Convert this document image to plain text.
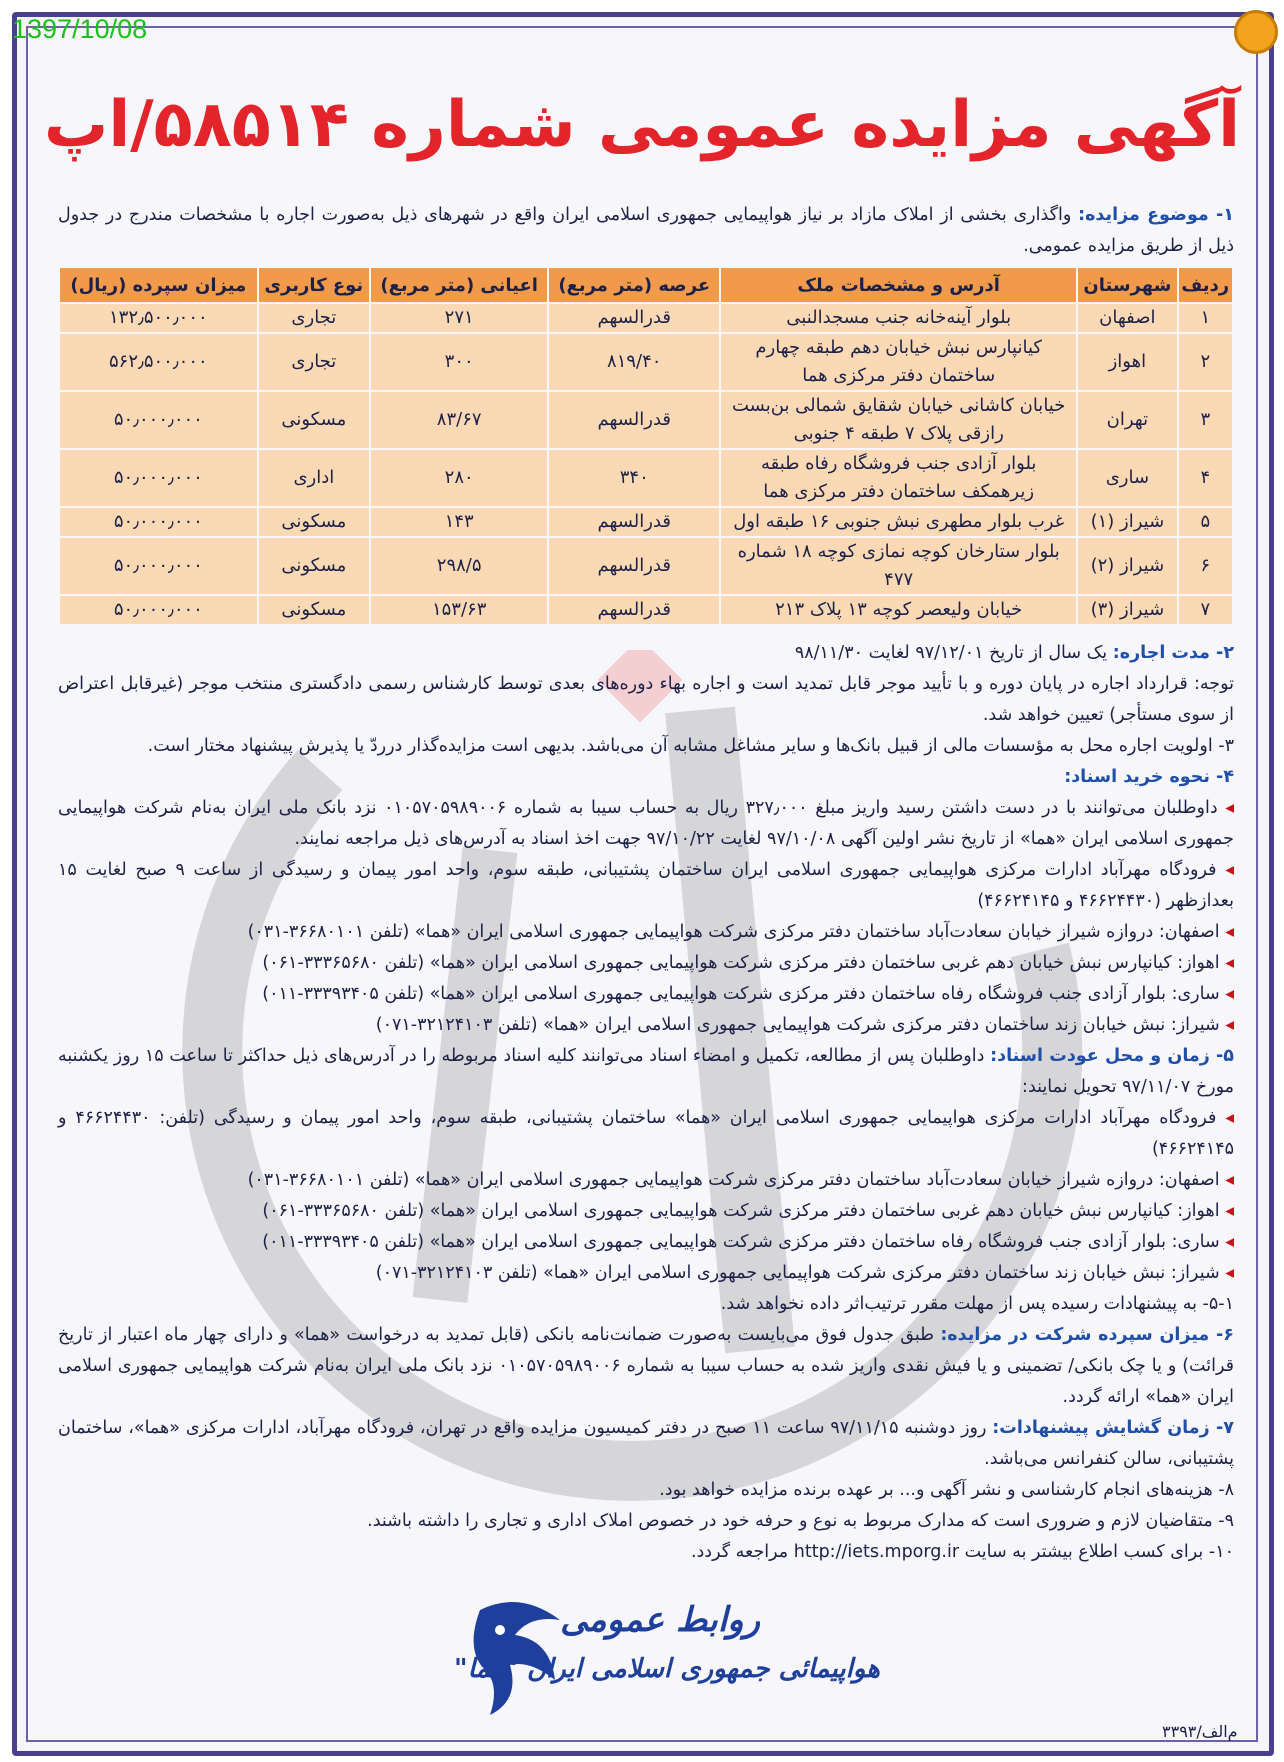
1397/10/08
آگهی مزایده عمومی شماره ۵۸۵۱۴/اپ

۱- موضوع مزایده: واگذاری بخشی از املاک مازاد بر نیاز هواپیمایی جمهوری اسلامی ایران واقع در شهرهای ذیل به‌صورت اجاره با مشخصات مندرج در جدول ذیل از طریق مزایده عمومی.

ردیف	شهرستان	آدرس و مشخصات ملک	عرصه (متر مربع)	اعیانی (متر مربع)	نوع کاربری	میزان سپرده (ریال)
۱	اصفهان	بلوار آینه‌خانه جنب مسجدالنبی	قدرالسهم	۲۷۱	تجاری	۱۳۲٫۵۰۰٫۰۰۰
۲	اهواز	کیانپارس نبش خیابان دهم طبقه چهارم ساختمان دفتر مرکزی هما	۸۱۹/۴۰	۳۰۰	تجاری	۵۶۲٫۵۰۰٫۰۰۰
۳	تهران	خیابان کاشانی خیابان شقایق شمالی بن‌بست رازقی پلاک ۷ طبقه ۴ جنوبی	قدرالسهم	۸۳/۶۷	مسکونی	۵۰٫۰۰۰٫۰۰۰
۴	ساری	بلوار آزادی جنب فروشگاه رفاه طبقه زیرهمکف ساختمان دفتر مرکزی هما	۳۴۰	۲۸۰	اداری	۵۰٫۰۰۰٫۰۰۰
۵	شیراز (۱)	غرب بلوار مطهری نبش جنوبی ۱۶ طبقه اول	قدرالسهم	۱۴۳	مسکونی	۵۰٫۰۰۰٫۰۰۰
۶	شیراز (۲)	بلوار ستارخان کوچه نمازی کوچه ۱۸ شماره ۴۷۷	قدرالسهم	۲۹۸/۵	مسکونی	۵۰٫۰۰۰٫۰۰۰
۷	شیراز (۳)	خیابان ولیعصر کوچه ۱۳ پلاک ۲۱۳	قدرالسهم	۱۵۳/۶۳	مسکونی	۵۰٫۰۰۰٫۰۰۰

۲- مدت اجاره: یک سال از تاریخ ۹۷/۱۲/۰۱ لغایت ۹۸/۱۱/۳۰

توجه: قرارداد اجاره در پایان دوره و با تأیید موجر قابل تمدید است و اجاره بهاء دوره‌های بعدی توسط کارشناس رسمی دادگستری منتخب موجر (غیرقابل اعتراض از سوی مستأجر) تعیین خواهد شد.

۳- اولویت اجاره محل به مؤسسات مالی از قبیل بانک‌ها و سایر مشاغل مشابه آن می‌باشد. بدیهی است مزایده‌گذار درردّ یا پذیرش پیشنهاد مختار است.

۴- نحوه خرید اسناد:

◂ داوطلبان می‌توانند با در دست داشتن رسید واریز مبلغ ۳۲۷٫۰۰۰ ریال به حساب سیبا به شماره ۰۱۰۵۷۰۵۹۸۹۰۰۶ نزد بانک ملی ایران به‌نام شرکت هواپیمایی جمهوری اسلامی ایران «هما» از تاریخ نشر اولین آگهی ۹۷/۱۰/۰۸ لغایت ۹۷/۱۰/۲۲ جهت اخذ اسناد به آدرس‌های ذیل مراجعه نمایند.

◂ فرودگاه مهرآباد ادارات مرکزی هواپیمایی جمهوری اسلامی ایران ساختمان پشتیبانی، طبقه سوم، واحد امور پیمان و رسیدگی از ساعت ۹ صبح لغایت ۱۵ بعدازظهر (۴۶۶۲۴۴۳۰ و ۴۶۶۲۴۱۴۵)

◂ اصفهان: دروازه شیراز خیابان سعادت‌آباد ساختمان دفتر مرکزی شرکت هواپیمایی جمهوری اسلامی ایران «هما» (تلفن ۳۶۶۸۰۱۰۱-۰۳۱)

◂ اهواز: کیانپارس نبش خیابان دهم غربی ساختمان دفتر مرکزی شرکت هواپیمایی جمهوری اسلامی ایران «هما» (تلفن ۳۳۳۶۵۶۸۰-۰۶۱)

◂ ساری: بلوار آزادی جنب فروشگاه رفاه ساختمان دفتر مرکزی شرکت هواپیمایی جمهوری اسلامی ایران «هما» (تلفن ۳۳۳۹۳۴۰۵-۰۱۱)

◂ شیراز: نبش خیابان زند ساختمان دفتر مرکزی شرکت هواپیمایی جمهوری اسلامی ایران «هما» (تلفن ۳۲۱۲۴۱۰۳-۰۷۱)

۵- زمان و محل عودت اسناد: داوطلبان پس از مطالعه، تکمیل و امضاء اسناد می‌توانند کلیه اسناد مربوطه را در آدرس‌های ذیل حداکثر تا ساعت ۱۵ روز یکشنبه مورخ ۹۷/۱۱/۰۷ تحویل نمایند:

◂ فرودگاه مهرآباد ادارات مرکزی هواپیمایی جمهوری اسلامی ایران «هما» ساختمان پشتیبانی، طبقه سوم، واحد امور پیمان و رسیدگی (تلفن: ۴۶۶۲۴۴۳۰ و ۴۶۶۲۴۱۴۵)

◂ اصفهان: دروازه شیراز خیابان سعادت‌آباد ساختمان دفتر مرکزی شرکت هواپیمایی جمهوری اسلامی ایران «هما» (تلفن ۳۶۶۸۰۱۰۱-۰۳۱)

◂ اهواز: کیانپارس نبش خیابان دهم غربی ساختمان دفتر مرکزی شرکت هواپیمایی جمهوری اسلامی ایران «هما» (تلفن ۳۳۳۶۵۶۸۰-۰۶۱)

◂ ساری: بلوار آزادی جنب فروشگاه رفاه ساختمان دفتر مرکزی شرکت هواپیمایی جمهوری اسلامی ایران «هما» (تلفن ۳۳۳۹۳۴۰۵-۰۱۱)

◂ شیراز: نبش خیابان زند ساختمان دفتر مرکزی شرکت هواپیمایی جمهوری اسلامی ایران «هما» (تلفن ۳۲۱۲۴۱۰۳-۰۷۱)

۵-۱- به پیشنهادات رسیده پس از مهلت مقرر ترتیب‌اثر داده نخواهد شد.

۶- میزان سپرده شرکت در مزایده: طبق جدول فوق می‌بایست به‌صورت ضمانت‌نامه بانکی (قابل تمدید به درخواست «هما» و دارای چهار ماه اعتبار از تاریخ قرائت) و یا چک بانکی/ تضمینی و یا فیش نقدی واریز شده به حساب سیبا به شماره ۰۱۰۵۷۰۵۹۸۹۰۰۶ نزد بانک ملی ایران به‌نام شرکت هواپیمایی جمهوری اسلامی ایران «هما» ارائه گردد.

۷- زمان گشایش پیشنهادات: روز دوشنبه ۹۷/۱۱/۱۵ ساعت ۱۱ صبح در دفتر کمیسیون مزایده واقع در تهران، فرودگاه مهرآباد، ادارات مرکزی «هما»، ساختمان پشتیبانی، سالن کنفرانس می‌باشد.

۸- هزینه‌های انجام کارشناسی و نشر آگهی و... بر عهده برنده مزایده خواهد بود.

۹- متقاضیان لازم و ضروری است که مدارک مربوط به نوع و حرفه خود در خصوص املاک اداری و تجاری را داشته باشند.

۱۰- برای کسب اطلاع بیشتر به سایت http://iets.mporg.ir مراجعه گردد.

روابط عمومی
هواپیمائی جمهوری اسلامی ایران "هما"
م‌الف/۳۳۹۳
